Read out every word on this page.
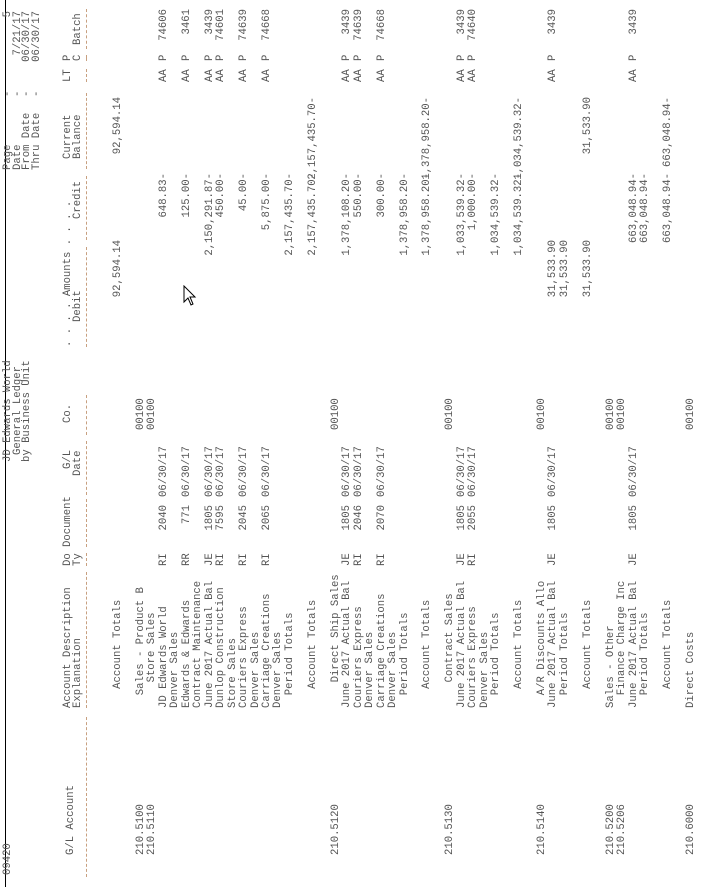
09420
JD Edwards World
General Ledger
by Business Unit
Page
-
5
Date
-
7/21/17
From Date
-
06/30/17
Thru Date
-
06/30/17
G/L Account
Account Description
Explanation
Do
Ty
Document
G/L
Date
Co.
. . . . Amounts . . . .
Debit
Credit
Current
Balance
LT
P
C
Batch
Account Totals
92,594.14
92,594.14
210.5100
Sales - Product B
00100
210.5110
Store Sales
00100
JD Edwards World
RI
2040
06/30/17
648.83-
AA
P
74606
Denver Sales Edwards & Edwards
RR
771
06/30/17
125.00-
AA
P
3461
Contract Maintenance June 2017 Actual Bal
JE
1805
06/30/17
2,150,291.87-
AA
P
3439
Dunlop Construction
RI
7595
06/30/17
450.00-
AA
P
74601
Store Sales Couriers Express
RI
2045
06/30/17
45.00-
AA
P
74639
Denver Sales Carriage Creations
RI
2065
06/30/17
5,875.00-
AA
P
74668
Denver Sales Period Totals
2,157,435.70-
Account Totals
2,157,435.70-
2,157,435.70-
210.5120
Direct Ship Sales
00100
June 2017 Actual Bal
JE
1805
06/30/17
1,378,108.20-
AA
P
3439
Couriers Express
RI
2046
06/30/17
550.00-
AA
P
74639
Denver Sales Carriage Creations
RI
2070
06/30/17
300.00-
AA
P
74668
Denver Sales Period Totals
1,378,958.20-
Account Totals
1,378,958.20-
1,378,958.20-
210.5130
Contract Sales
00100
June 2017 Actual Bal
JE
1805
06/30/17
1,033,539.32-
AA
P
3439
Couriers Express
RI
2055
06/30/17
1,000.00-
AA
P
74640
Denver Sales Period Totals
1,034,539.32-
Account Totals
1,034,539.32-
1,034,539.32-
210.5140
A/R Discounts Allo
00100
June 2017 Actual Bal
JE
1805
06/30/17
31,533.90
AA
P
3439
Period Totals
31,533.90
Account Totals
31,533.90
31,533.90
210.5200
Sales - Other
00100
210.5206
Finance Charge Inc
00100
June 2017 Actual Bal
JE
1805
06/30/17
663,048.94-
AA
P
3439
Period Totals
663,048.94-
Account Totals
663,048.94-
663,048.94-
210.6000
Direct Costs
00100
